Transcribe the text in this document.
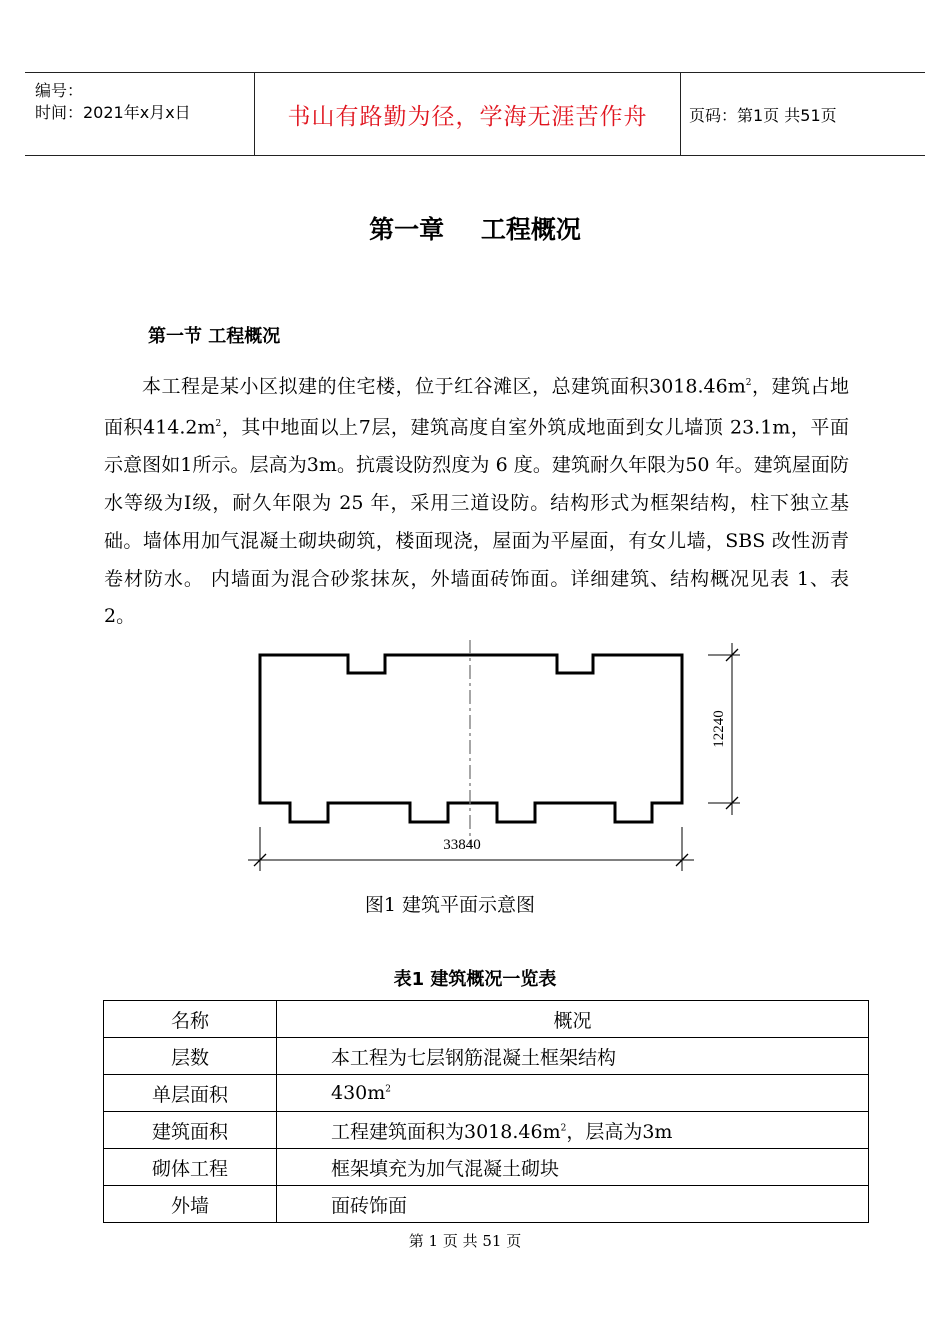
编号：
时间：2021年x月x日	书山有路勤为径，学海无涯苦作舟	页码：第1页 共51页
第一章 工程概况
第一节 工程概况

本工程是某小区拟建的住宅楼，位于红谷滩区，总建筑面积$3018.46m^2$，建筑占地面积$414.2m^2$，其中地面以上7层，建筑高度自室外筑成地面到女儿墙顶 23.1m，平面示意图如1所示。层高为3m。抗震设防烈度为 6 度。建筑耐久年限为50 年。建筑屋面防水等级为Ⅰ级，耐久年限为 25 年，采用三道设防。结构形式为框架结构，柱下独立基础。墙体用加气混凝土砌块砌筑，楼面现浇，屋面为平屋面，有女儿墙，SBS 改性沥青卷材防水。 内墙面为混合砂浆抹灰，外墙面砖饰面。详细建筑、结构概况见表 1、表 2。

33840
12240
图1 建筑平面示意图
表1 建筑概况一览表
名称	概况
层数	本工程为七层钢筋混凝土框架结构
单层面积	$430m^2$
建筑面积	工程建筑面积为$3018.46m^2$，层高为3m
砌体工程	框架填充为加气混凝土砌块
外墙	面砖饰面
第 1 页 共 51 页
